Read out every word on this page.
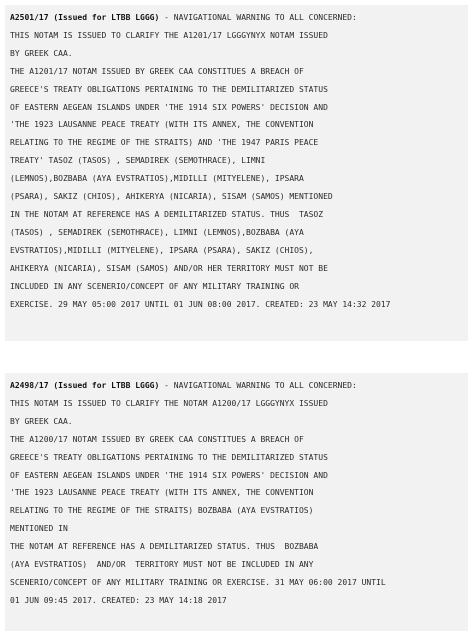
A2501/17 (Issued for LTBB LGGG) - NAVIGATIONAL WARNING TO ALL CONCERNED:
THIS NOTAM IS ISSUED TO CLARIFY THE A1201/17 LGGGYNYX NOTAM ISSUED
BY GREEK CAA.
THE A1201/17 NOTAM ISSUED BY GREEK CAA CONSTITUES A BREACH OF
GREECE'S TREATY OBLIGATIONS PERTAINING TO THE DEMILITARIZED STATUS
OF EASTERN AEGEAN ISLANDS UNDER 'THE 1914 SIX POWERS' DECISION AND
'THE 1923 LAUSANNE PEACE TREATY (WITH ITS ANNEX, THE CONVENTION
RELATING TO THE REGIME OF THE STRAITS) AND 'THE 1947 PARIS PEACE
TREATY' TASOZ (TASOS) , SEMADIREK (SEMOTHRACE), LIMNI
(LEMNOS),BOZBABA (AYA EVSTRATIOS),MIDILLI (MITYELENE), IPSARA
(PSARA), SAKIZ (CHIOS), AHIKERYA (NICARIA), SISAM (SAMOS) MENTIONED
IN THE NOTAM AT REFERENCE HAS A DEMILITARIZED STATUS. THUS  TASOZ
(TASOS) , SEMADIREK (SEMOTHRACE), LIMNI (LEMNOS),BOZBABA (AYA
EVSTRATIOS),MIDILLI (MITYELENE), IPSARA (PSARA), SAKIZ (CHIOS),
AHIKERYA (NICARIA), SISAM (SAMOS) AND/OR HER TERRITORY MUST NOT BE
INCLUDED IN ANY SCENERIO/CONCEPT OF ANY MILITARY TRAINING OR
EXERCISE. 29 MAY 05:00 2017 UNTIL 01 JUN 08:00 2017. CREATED: 23 MAY 14:32 2017
A2498/17 (Issued for LTBB LGGG) - NAVIGATIONAL WARNING TO ALL CONCERNED:
THIS NOTAM IS ISSUED TO CLARIFY THE NOTAM A1200/17 LGGGYNYX ISSUED
BY GREEK CAA.
THE A1200/17 NOTAM ISSUED BY GREEK CAA CONSTITUES A BREACH OF
GREECE'S TREATY OBLIGATIONS PERTAINING TO THE DEMILITARIZED STATUS
OF EASTERN AEGEAN ISLANDS UNDER 'THE 1914 SIX POWERS' DECISION AND
'THE 1923 LAUSANNE PEACE TREATY (WITH ITS ANNEX, THE CONVENTION
RELATING TO THE REGIME OF THE STRAITS) BOZBABA (AYA EVSTRATIOS)
MENTIONED IN
THE NOTAM AT REFERENCE HAS A DEMILITARIZED STATUS. THUS  BOZBABA
(AYA EVSTRATIOS)  AND/OR  TERRITORY MUST NOT BE INCLUDED IN ANY
SCENERIO/CONCEPT OF ANY MILITARY TRAINING OR EXERCISE. 31 MAY 06:00 2017 UNTIL
01 JUN 09:45 2017. CREATED: 23 MAY 14:18 2017
